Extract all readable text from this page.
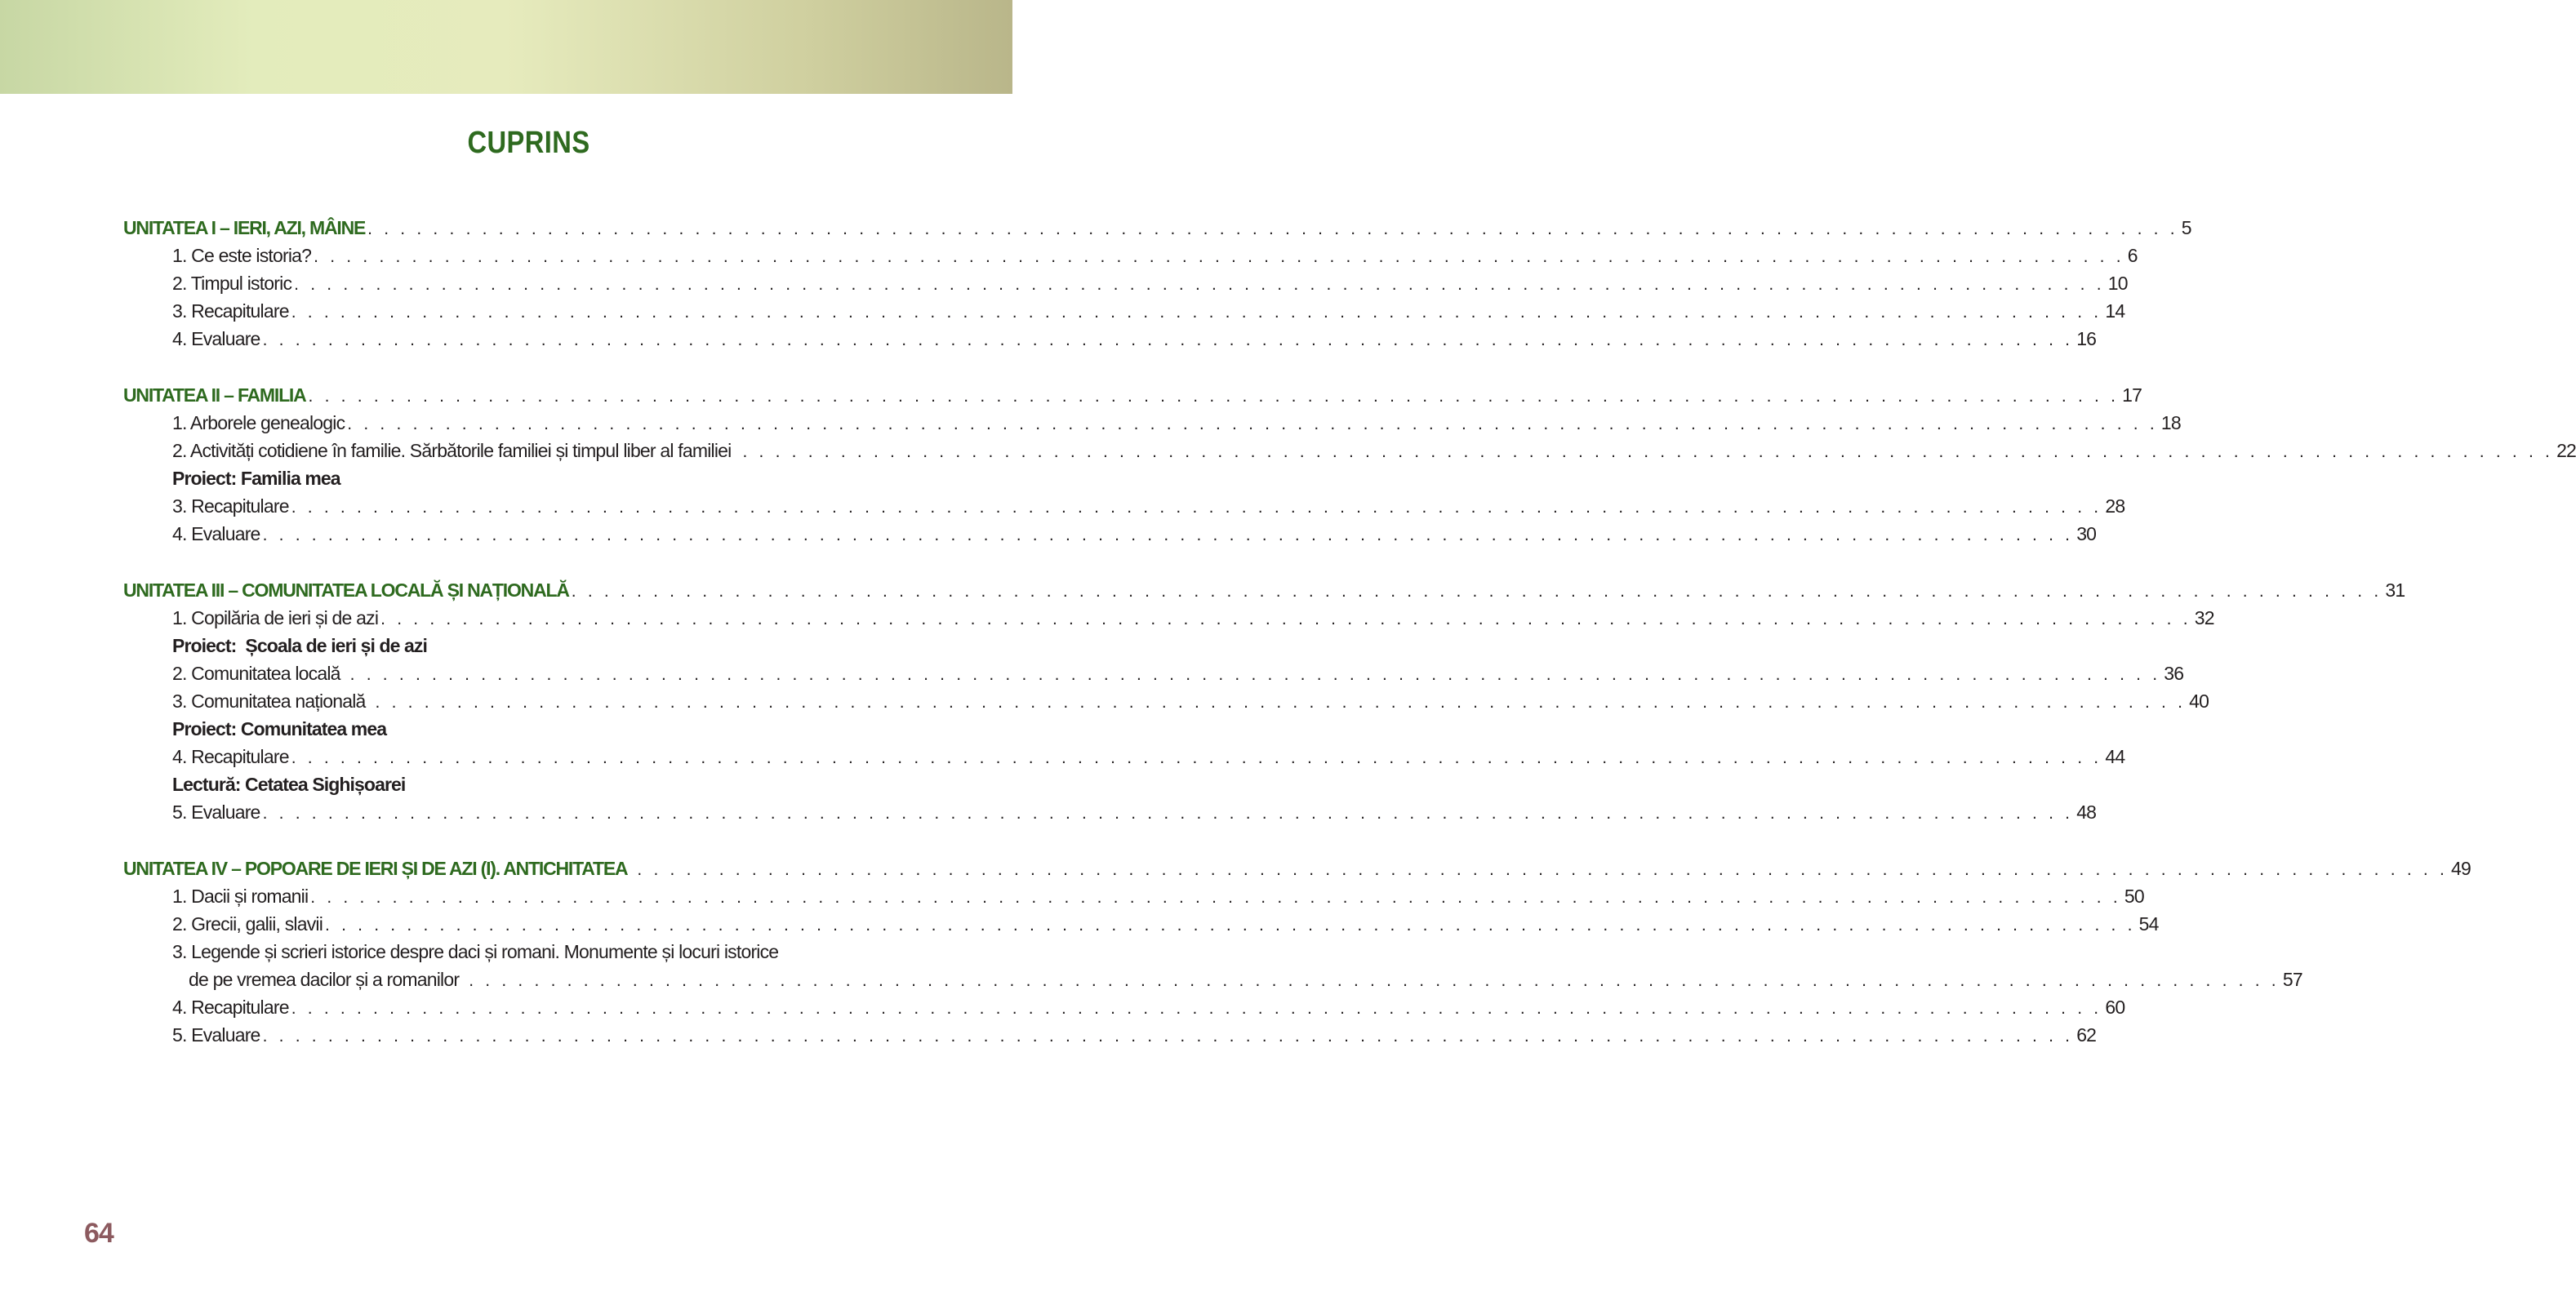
CUPRINS
UNITATEA I – IERI, AZI, MÂINE . . . . . . . . . . . . . . . . . . . . . . . . . . . . . . . . . . . . . . . . . . . . . . . . . . . . . . . . . . . . . . . . . . . . . . . . . . . . . . . . . . . . . . . . . . . . . . . . . . . . . . . . . . . . . . . 5
1. Ce este istoria? . . . . . . . . . . . . . . . . . . . . . . . . . . . . . . . . . . . . . . . . . . . . . . . . . . . . . . . . . . . . . . . . . . . . . . . . . . . . . . . . . . . . . . . . . . . . . . . . . . . . . . . . . . . . . . . 6
2. Timpul istoric . . . . . . . . . . . . . . . . . . . . . . . . . . . . . . . . . . . . . . . . . . . . . . . . . . . . . . . . . . . . . . . . . . . . . . . . . . . . . . . . . . . . . . . . . . . . . . . . . . . . . . . . . . . . . . . 10
3. Recapitulare . . . . . . . . . . . . . . . . . . . . . . . . . . . . . . . . . . . . . . . . . . . . . . . . . . . . . . . . . . . . . . . . . . . . . . . . . . . . . . . . . . . . . . . . . . . . . . . . . . . . . . . . . . . . . . . 14
4. Evaluare . . . . . . . . . . . . . . . . . . . . . . . . . . . . . . . . . . . . . . . . . . . . . . . . . . . . . . . . . . . . . . . . . . . . . . . . . . . . . . . . . . . . . . . . . . . . . . . . . . . . . . . . . . . . . . . 16
UNITATEA II – FAMILIA . . . . . . . . . . . . . . . . . . . . . . . . . . . . . . . . . . . . . . . . . . . . . . . . . . . . . . . . . . . . . . . . . . . . . . . . . . . . . . . . . . . . . . . . . . . . . . . . . . . . . . . . . . . . . . . 17
1. Arborele genealogic . . . . . . . . . . . . . . . . . . . . . . . . . . . . . . . . . . . . . . . . . . . . . . . . . . . . . . . . . . . . . . . . . . . . . . . . . . . . . . . . . . . . . . . . . . . . . . . . . . . . . . . . . . . . . . . 18
2. Activități cotidiene în familie. Sărbătorile familiei și timpul liber al familiei . . . . . . . . . . . . . . . . . . . . . . . . . . . . . . . . . . . . . . . . . . . . . . . . . . . . . . . . . . . . . . . . . . . . . . . . . . . . . . . . . . . . . . . . . . . . . . . . . . . . . . . . . . . . . . . 22
Proiect: Familia mea
3. Recapitulare . . . . . . . . . . . . . . . . . . . . . . . . . . . . . . . . . . . . . . . . . . . . . . . . . . . . . . . . . . . . . . . . . . . . . . . . . . . . . . . . . . . . . . . . . . . . . . . . . . . . . . . . . . . . . . . 28
4. Evaluare . . . . . . . . . . . . . . . . . . . . . . . . . . . . . . . . . . . . . . . . . . . . . . . . . . . . . . . . . . . . . . . . . . . . . . . . . . . . . . . . . . . . . . . . . . . . . . . . . . . . . . . . . . . . . . . 30
UNITATEA III – COMUNITATEA LOCALĂ ȘI NAȚIONALĂ . . . . . . . . . . . . . . . . . . . . . . . . . . . . . . . . . . . . . . . . . . . . . . . . . . . . . . . . . . . . . . . . . . . . . . . . . . . . . . . . . . . . . . . . . . . . . . . . . . . . . . . . . . . . . . . 31
1. Copilăria de ieri și de azi . . . . . . . . . . . . . . . . . . . . . . . . . . . . . . . . . . . . . . . . . . . . . . . . . . . . . . . . . . . . . . . . . . . . . . . . . . . . . . . . . . . . . . . . . . . . . . . . . . . . . . . . . . . . . . . 32
Proiect:  Școala de ieri și de azi
2. Comunitatea locală . . . . . . . . . . . . . . . . . . . . . . . . . . . . . . . . . . . . . . . . . . . . . . . . . . . . . . . . . . . . . . . . . . . . . . . . . . . . . . . . . . . . . . . . . . . . . . . . . . . . . . . . . . . . . . . 36
3. Comunitatea națională . . . . . . . . . . . . . . . . . . . . . . . . . . . . . . . . . . . . . . . . . . . . . . . . . . . . . . . . . . . . . . . . . . . . . . . . . . . . . . . . . . . . . . . . . . . . . . . . . . . . . . . . . . . . . . . 40
Proiect: Comunitatea mea
4. Recapitulare . . . . . . . . . . . . . . . . . . . . . . . . . . . . . . . . . . . . . . . . . . . . . . . . . . . . . . . . . . . . . . . . . . . . . . . . . . . . . . . . . . . . . . . . . . . . . . . . . . . . . . . . . . . . . . . 44
Lectură: Cetatea Sighișoarei
5. Evaluare . . . . . . . . . . . . . . . . . . . . . . . . . . . . . . . . . . . . . . . . . . . . . . . . . . . . . . . . . . . . . . . . . . . . . . . . . . . . . . . . . . . . . . . . . . . . . . . . . . . . . . . . . . . . . . . 48
UNITATEA IV – POPOARE DE IERI ȘI DE AZI (I). ANTICHITATEA . . . . . . . . . . . . . . . . . . . . . . . . . . . . . . . . . . . . . . . . . . . . . . . . . . . . . . . . . . . . . . . . . . . . . . . . . . . . . . . . . . . . . . . . . . . . . . . . . . . . . . . . . . . . . . . 49
1. Dacii și romanii . . . . . . . . . . . . . . . . . . . . . . . . . . . . . . . . . . . . . . . . . . . . . . . . . . . . . . . . . . . . . . . . . . . . . . . . . . . . . . . . . . . . . . . . . . . . . . . . . . . . . . . . . . . . . . . 50
2. Grecii, galii, slavii . . . . . . . . . . . . . . . . . . . . . . . . . . . . . . . . . . . . . . . . . . . . . . . . . . . . . . . . . . . . . . . . . . . . . . . . . . . . . . . . . . . . . . . . . . . . . . . . . . . . . . . . . . . . . . . 54
3. Legende și scrieri istorice despre daci și romani. Monumente și locuri istorice
de pe vremea dacilor și a romanilor . . . . . . . . . . . . . . . . . . . . . . . . . . . . . . . . . . . . . . . . . . . . . . . . . . . . . . . . . . . . . . . . . . . . . . . . . . . . . . . . . . . . . . . . . . . . . . . . . . . . . . . . . . . . . . . 57
4. Recapitulare . . . . . . . . . . . . . . . . . . . . . . . . . . . . . . . . . . . . . . . . . . . . . . . . . . . . . . . . . . . . . . . . . . . . . . . . . . . . . . . . . . . . . . . . . . . . . . . . . . . . . . . . . . . . . . . 60
5. Evaluare . . . . . . . . . . . . . . . . . . . . . . . . . . . . . . . . . . . . . . . . . . . . . . . . . . . . . . . . . . . . . . . . . . . . . . . . . . . . . . . . . . . . . . . . . . . . . . . . . . . . . . . . . . . . . . . 62
64
